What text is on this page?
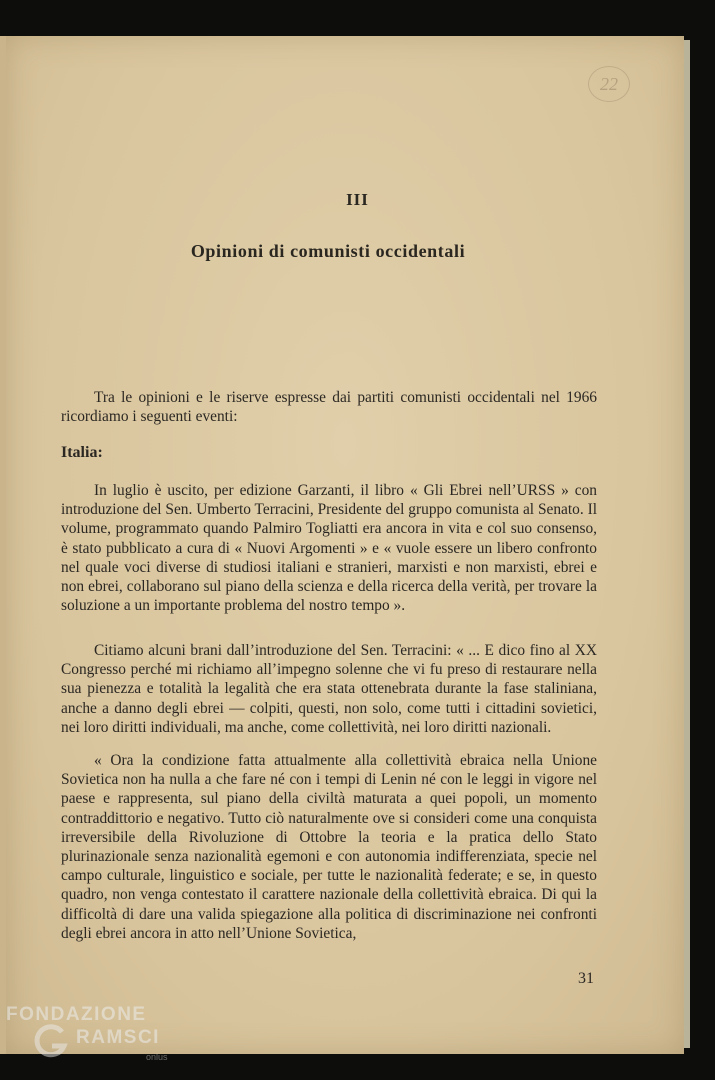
22
III
Opinioni di comunisti occidentali
Tra le opinioni e le riserve espresse dai partiti comunisti occidentali nel 1966 ricordiamo i seguenti eventi:
Italia:
In luglio è uscito, per edizione Garzanti, il libro « Gli Ebrei nell’URSS » con introduzione del Sen. Umberto Terracini, Presidente del gruppo comunista al Senato. Il volume, programmato quando Palmiro Togliatti era ancora in vita e col suo consenso, è stato pubblicato a cura di « Nuovi Argomenti » e « vuole essere un libero confronto nel quale voci diverse di studiosi italiani e stranieri, marxisti e non marxisti, ebrei e non ebrei, collaborano sul piano della scienza e della ricerca della verità, per trovare la soluzione a un importante problema del nostro tempo ».
Citiamo alcuni brani dall’introduzione del Sen. Terracini: « ... E dico fino al XX Congresso perché mi richiamo all’impegno solenne che vi fu preso di restaurare nella sua pienezza e totalità la legalità che era stata ottenebrata durante la fase staliniana, anche a danno degli ebrei — colpiti, questi, non solo, come tutti i cittadini sovietici, nei loro diritti individuali, ma anche, come collettività, nei loro diritti nazionali.
« Ora la condizione fatta attualmente alla collettività ebraica nella Unione Sovietica non ha nulla a che fare né con i tempi di Lenin né con le leggi in vigore nel paese e rappresenta, sul piano della civiltà maturata a quei popoli, un momento contraddittorio e negativo. Tutto ciò naturalmente ove si consideri come una conquista irreversibile della Rivoluzione di Ottobre la teoria e la pratica dello Stato plurinazionale senza nazionalità egemoni e con autonomia indifferenziata, specie nel campo culturale, linguistico e sociale, per tutte le nazionalità federate; e se, in questo quadro, non venga contestato il carattere nazionale della collettività ebraica. Di qui la difficoltà di dare una valida spiegazione alla politica di discriminazione nei confronti degli ebrei ancora in atto nell’Unione Sovietica,
31
FONDAZIONE
RAMSCI
onlus
